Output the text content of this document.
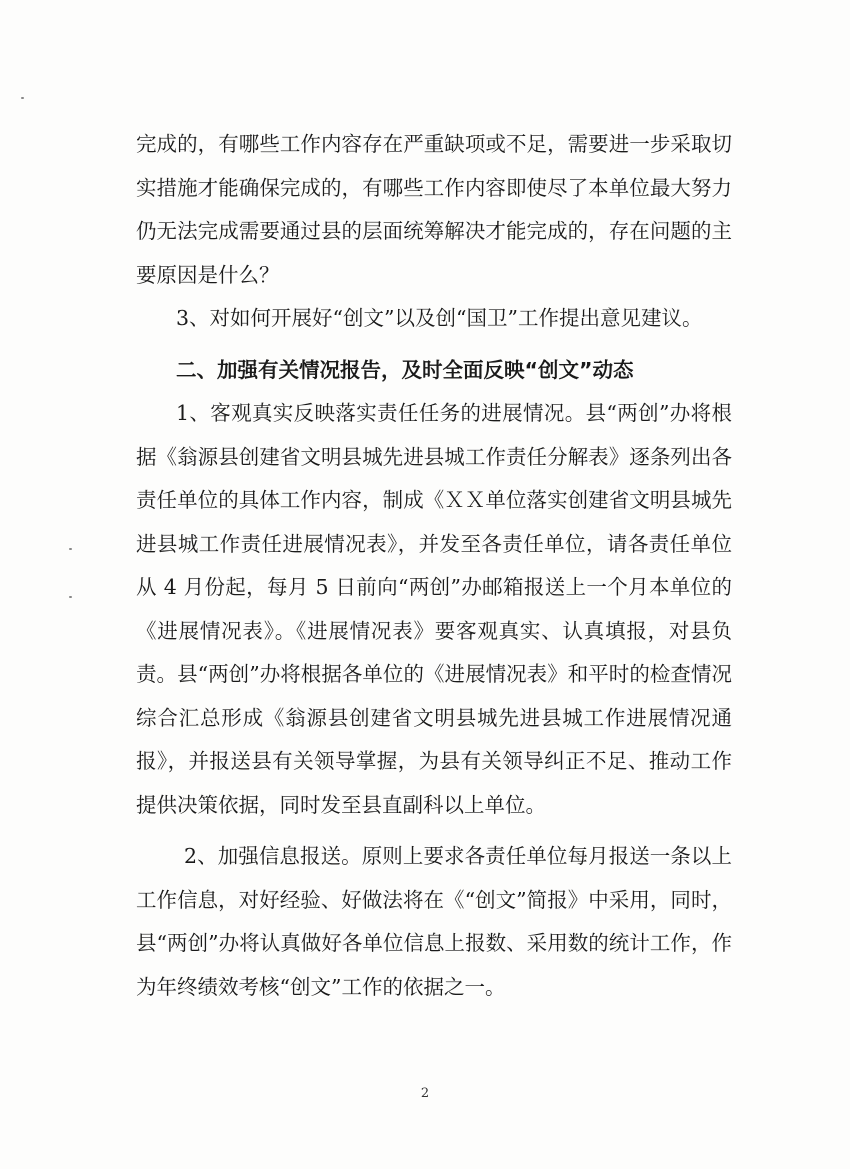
完成的，有哪些工作内容存在严重缺项或不足，需要进一步采取切实措施才能确保完成的，有哪些工作内容即使尽了本单位最大努力仍无法完成需要通过县的层面统筹解决才能完成的，存在问题的主要原因是什么？

3、对如何开展好“创文”以及创“国卫”工作提出意见建议。

二、加强有关情况报告，及时全面反映“创文”动态

1、客观真实反映落实责任任务的进展情况。县“两创”办将根据《翁源县创建省文明县城先进县城工作责任分解表》逐条列出各责任单位的具体工作内容，制成《ＸＸ单位落实创建省文明县城先进县城工作责任进展情况表》，并发至各责任单位，请各责任单位从 4 月份起，每月 5 日前向“两创”办邮箱报送上一个月本单位的《进展情况表》。《进展情况表》要客观真实、认真填报，对县负责。县“两创”办将根据各单位的《进展情况表》和平时的检查情况综合汇总形成《翁源县创建省文明县城先进县城工作进展情况通报》，并报送县有关领导掌握，为县有关领导纠正不足、推动工作提供决策依据，同时发至县直副科以上单位。

2、加强信息报送。原则上要求各责任单位每月报送一条以上工作信息，对好经验、好做法将在《“创文”简报》中采用，同时，县“两创”办将认真做好各单位信息上报数、采用数的统计工作，作为年终绩效考核“创文”工作的依据之一。

2
